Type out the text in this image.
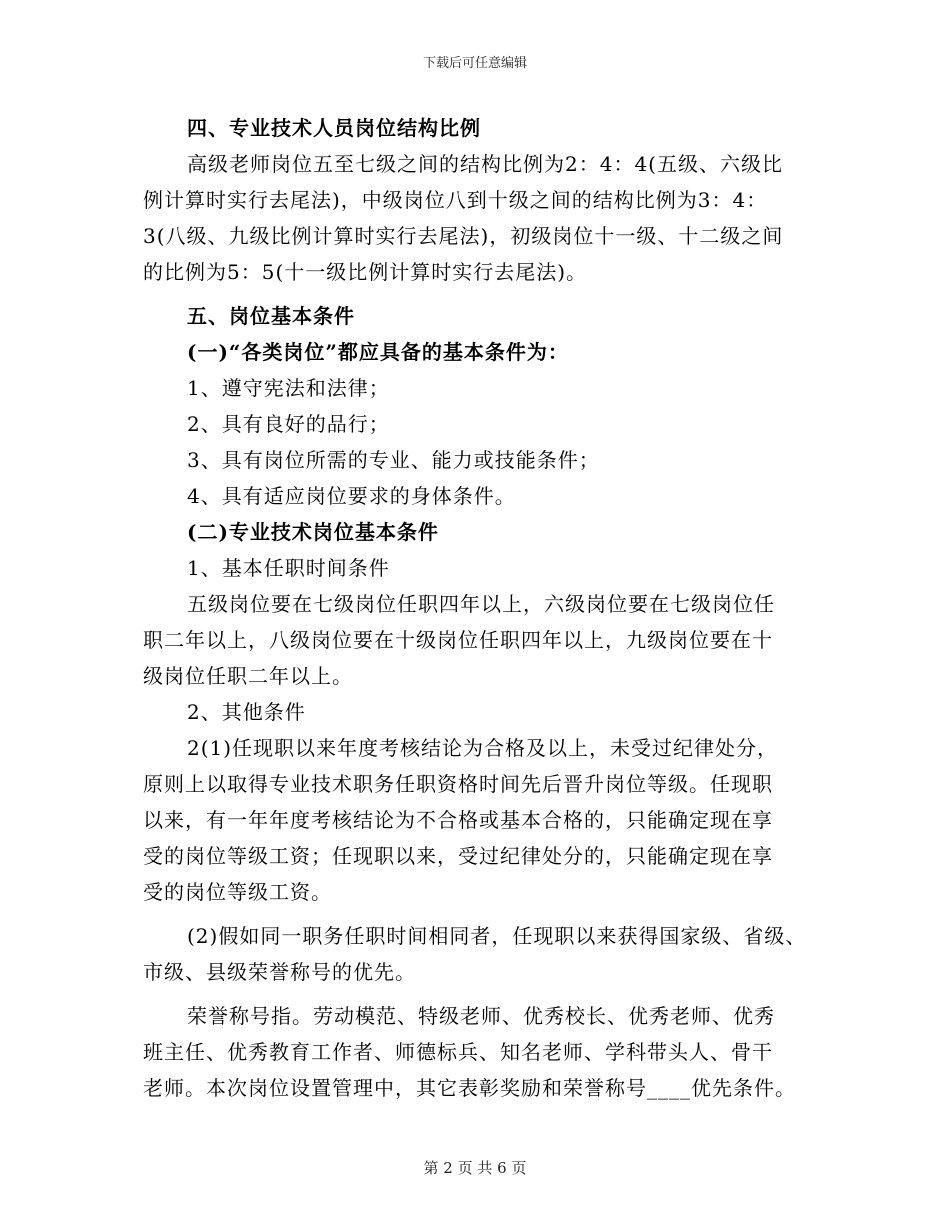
下载后可任意编辑
四、专业技术人员岗位结构比例
高级老师岗位五至七级之间的结构比例为2：4：4(五级、六级比
例计算时实行去尾法)，中级岗位八到十级之间的结构比例为3：4：
3(八级、九级比例计算时实行去尾法)，初级岗位十一级、十二级之间
的比例为5：5(十一级比例计算时实行去尾法)。
五、岗位基本条件
(一)“各类岗位”都应具备的基本条件为：
1、遵守宪法和法律；
2、具有良好的品行；
3、具有岗位所需的专业、能力或技能条件；
4、具有适应岗位要求的身体条件。
(二)专业技术岗位基本条件
1、基本任职时间条件
五级岗位要在七级岗位任职四年以上，六级岗位要在七级岗位任
职二年以上，八级岗位要在十级岗位任职四年以上，九级岗位要在十
级岗位任职二年以上。
2、其他条件
2(1)任现职以来年度考核结论为合格及以上，未受过纪律处分，
原则上以取得专业技术职务任职资格时间先后晋升岗位等级。任现职
以来，有一年年度考核结论为不合格或基本合格的，只能确定现在享
受的岗位等级工资；任现职以来，受过纪律处分的，只能确定现在享
受的岗位等级工资。
(2)假如同一职务任职时间相同者，任现职以来获得国家级、省级、
市级、县级荣誉称号的优先。
荣誉称号指。劳动模范、特级老师、优秀校长、优秀老师、优秀
班主任、优秀教育工作者、师德标兵、知名老师、学科带头人、骨干
老师。本次岗位设置管理中，其它表彰奖励和荣誉称号____优先条件。
第 2 页 共 6 页
